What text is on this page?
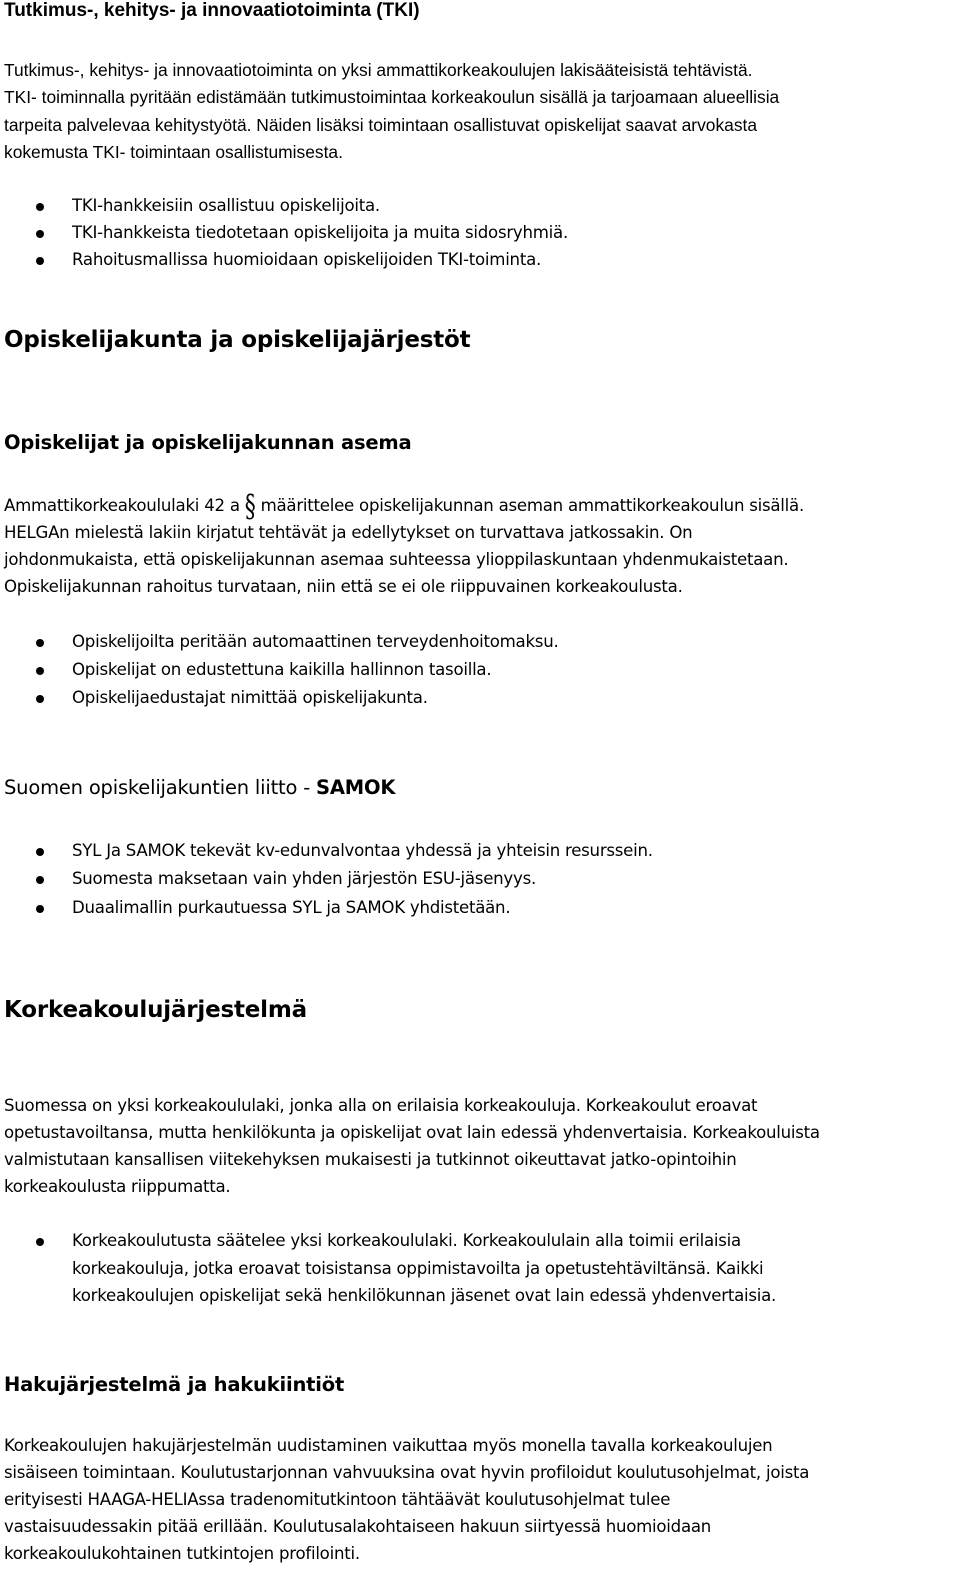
Tutkimus-, kehitys- ja innovaatiotoiminta (TKI)
Tutkimus-, kehitys- ja innovaatiotoiminta on yksi ammattikorkeakoulujen lakisääteisistä tehtävistä.
TKI- toiminnalla pyritään edistämään tutkimustoimintaa korkeakoulun sisällä ja tarjoamaan alueellisia
tarpeita palvelevaa kehitystyötä. Näiden lisäksi toimintaan osallistuvat opiskelijat saavat arvokasta
kokemusta TKI- toimintaan osallistumisesta.
TKI-hankkeisiin osallistuu opiskelijoita.
TKI-hankkeista tiedotetaan opiskelijoita ja muita sidosryhmiä.
Rahoitusmallissa huomioidaan opiskelijoiden TKI-toiminta.
Opiskelijakunta ja opiskelijajärjestöt
Opiskelijat ja opiskelijakunnan asema
Ammattikorkeakoululaki 42 a § määrittelee opiskelijakunnan aseman ammattikorkeakoulun sisällä.
HELGAn mielestä lakiin kirjatut tehtävät ja edellytykset on turvattava jatkossakin. On
johdonmukaista, että opiskelijakunnan asemaa suhteessa ylioppilaskuntaan yhdenmukaistetaan.
Opiskelijakunnan rahoitus turvataan, niin että se ei ole riippuvainen korkeakoulusta.
Opiskelijoilta peritään automaattinen terveydenhoitomaksu.
Opiskelijat on edustettuna kaikilla hallinnon tasoilla.
Opiskelijaedustajat nimittää opiskelijakunta.
Suomen opiskelijakuntien liitto - SAMOK
SYL Ja SAMOK tekevät kv-edunvalvontaa yhdessä ja yhteisin resurssein.
Suomesta maksetaan vain yhden järjestön ESU-jäsenyys.
Duaalimallin purkautuessa SYL ja SAMOK yhdistetään.
Korkeakoulujärjestelmä
Suomessa on yksi korkeakoululaki, jonka alla on erilaisia korkeakouluja. Korkeakoulut eroavat
opetustavoiltansa, mutta henkilökunta ja opiskelijat ovat lain edessä yhdenvertaisia. Korkeakouluista
valmistutaan kansallisen viitekehyksen mukaisesti ja tutkinnot oikeuttavat jatko-opintoihin
korkeakoulusta riippumatta.
Korkeakoulutusta säätelee yksi korkeakoululaki. Korkeakoululain alla toimii erilaisia
korkeakouluja, jotka eroavat toisistansa oppimistavoilta ja opetustehtäviltänsä. Kaikki
korkeakoulujen opiskelijat sekä henkilökunnan jäsenet ovat lain edessä yhdenvertaisia.
Hakujärjestelmä ja hakukiintiöt
Korkeakoulujen hakujärjestelmän uudistaminen vaikuttaa myös monella tavalla korkeakoulujen
sisäiseen toimintaan. Koulutustarjonnan vahvuuksina ovat hyvin profiloidut koulutusohjelmat, joista
erityisesti HAAGA-HELIAssa tradenomitutkintoon tähtäävät koulutusohjelmat tulee
vastaisuudessakin pitää erillään. Koulutusalakohtaiseen hakuun siirtyessä huomioidaan
korkeakoulukohtainen tutkintojen profilointi.
